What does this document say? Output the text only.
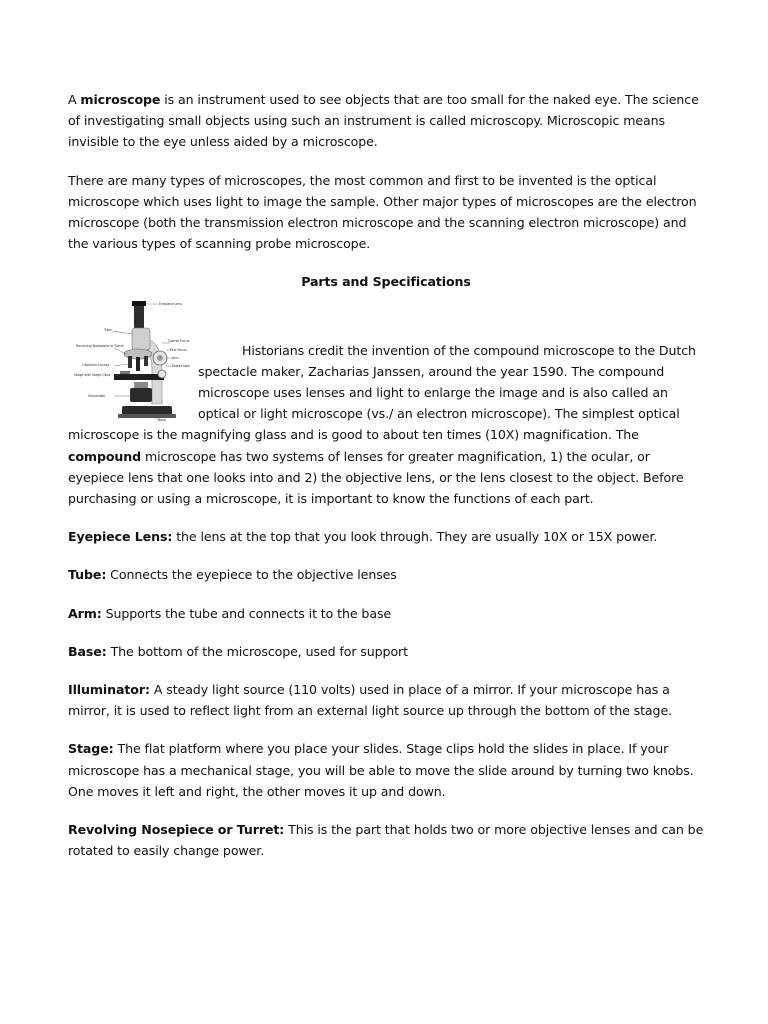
A microscope is an instrument used to see objects that are too small for the naked eye. The science of investigating small objects using such an instrument is called microscopy. Microscopic means invisible to the eye unless aided by a microscope.

There are many types of microscopes, the most common and first to be invented is the optical microscope which uses light to image the sample. Other major types of microscopes are the electron microscope (both the transmission electron microscope and the scanning electron microscope) and the various types of scanning probe microscope.

Parts and Specifications

Eyepiece Lens
Tube
Revolving Nosepiece or Turret
Objective Lenses
Stage with Stage Clips
Illuminator
Coarse Focus
Fine Focus
Arm
Base
Diaphragm

Historians credit the invention of the compound microscope to the Dutch spectacle maker, Zacharias Janssen, around the year 1590. The compound microscope uses lenses and light to enlarge the image and is also called an optical or light microscope (vs./ an electron microscope). The simplest optical microscope is the magnifying glass and is good to about ten times (10X) magnification. The compound microscope has two systems of lenses for greater magnification, 1) the ocular, or eyepiece lens that one looks into and 2) the objective lens, or the lens closest to the object. Before purchasing or using a microscope, it is important to know the functions of each part.

Eyepiece Lens: the lens at the top that you look through. They are usually 10X or 15X power.

Tube: Connects the eyepiece to the objective lenses

Arm: Supports the tube and connects it to the base

Base: The bottom of the microscope, used for support

Illuminator: A steady light source (110 volts) used in place of a mirror. If your microscope has a mirror, it is used to reflect light from an external light source up through the bottom of the stage.

Stage: The flat platform where you place your slides. Stage clips hold the slides in place. If your microscope has a mechanical stage, you will be able to move the slide around by turning two knobs. One moves it left and right, the other moves it up and down.

Revolving Nosepiece or Turret: This is the part that holds two or more objective lenses and can be rotated to easily change power.
